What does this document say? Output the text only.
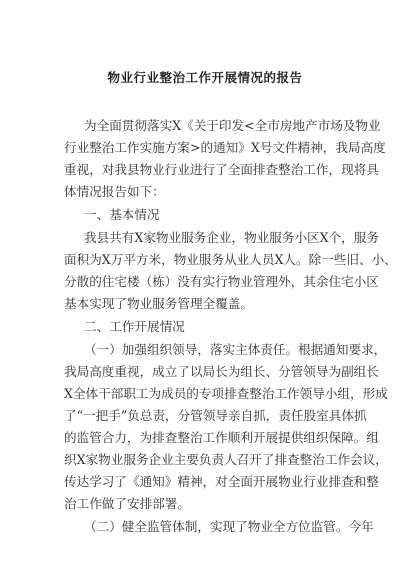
物业行业整治工作开展情况的报告
为全面贯彻落实X《关于印发<全市房地产市场及物业
行业整治工作实施方案>的通知》X号文件精神，我局高度
重视，对我县物业行业进行了全面排查整治工作，现将具
体情况报告如下：
一、基本情况
我县共有X家物业服务企业，物业服务小区X个，服务
面积为X万平方米，物业服务从业人员X人。除一些旧、小、
分散的住宅楼（栋）没有实行物业管理外，其余住宅小区
基本实现了物业服务管理全覆盖。
二、工作开展情况
（一）加强组织领导，落实主体责任。根据通知要求，
我局高度重视，成立了以局长为组长、分管领导为副组长
X全体干部职工为成员的专项排查整治工作领导小组，形成
了“一把手”负总责，分管领导亲自抓，责任股室具体抓
的监管合力，为排查整治工作顺利开展提供组织保障。组
织X家物业服务企业主要负责人召开了排查整治工作会议，
传达学习了《通知》精神，对全面开展物业行业排查和整
治工作做了安排部署。
（二）健全监管体制，实现了物业全方位监管。今年
